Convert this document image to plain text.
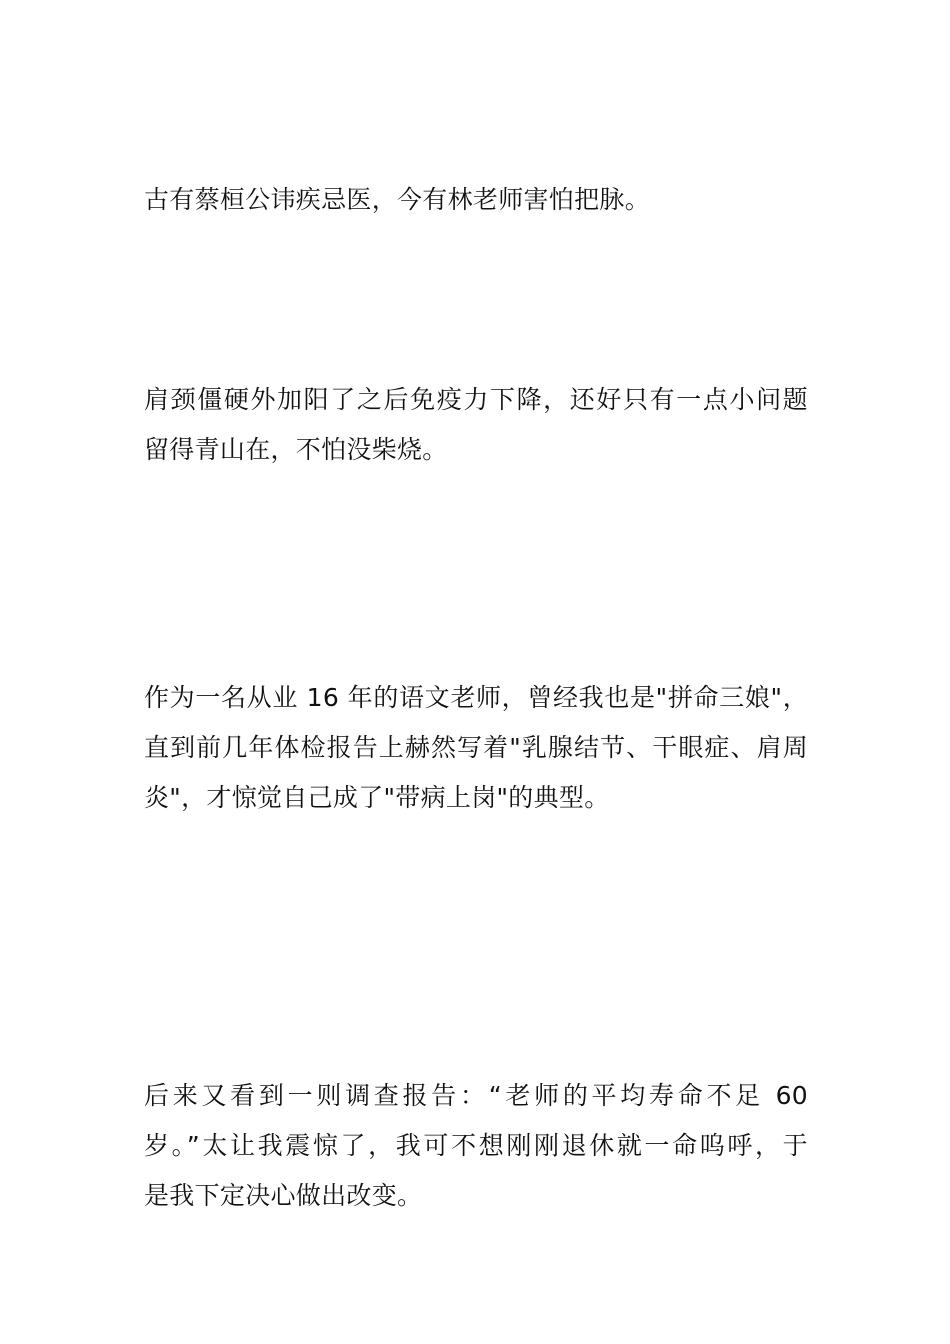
古有蔡桓公讳疾忌医，今有林老师害怕把脉。

肩颈僵硬外加阳了之后免疫力下降，还好只有一点小问题
留得青山在，不怕没柴烧。

作为一名从业 16 年的语文老师，曾经我也是"拼命三娘"，
直到前几年体检报告上赫然写着"乳腺结节、干眼症、肩周
炎"，才惊觉自己成了"带病上岗"的典型。

后来又看到一则调查报告：“老师的平均寿命不足 60
岁。”太让我震惊了，我可不想刚刚退休就一命呜呼，于
是我下定决心做出改变。
